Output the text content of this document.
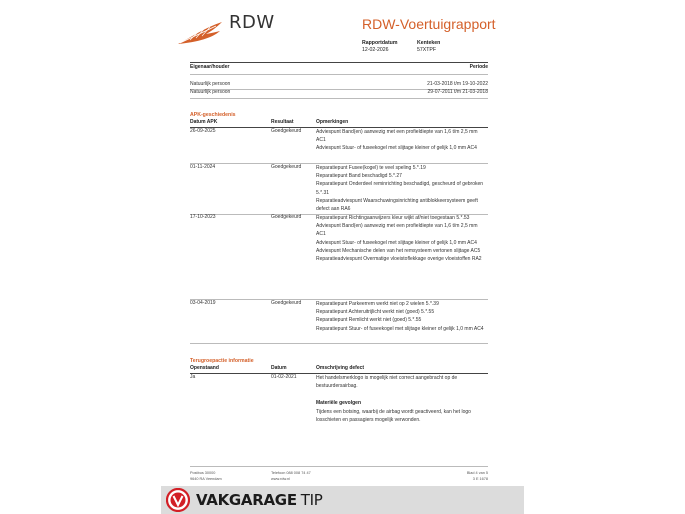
RDW	RDW-Voertuigrapport
Rapportdatum
12-02-2026
Kenteken
57XTPF
Eigenaar/houder	Periode
Natuurlijk persoon	21-03-2018 t/m 19-10-2022
Natuurlijk persoon	29-07-2011 t/m 21-03-2018
APK-geschiedenis
Datum APK	Resultaat	Opmerkingen
26-09-2025	Goedgekeurd	Adviespunt Band(en) aanwezig met een profieldiepte van 1,6 t/m 2,5 mm AC1
Adviespunt Stuur- of fuseekogel met slijtage kleiner of gelijk 1,0 mm AC4
01-11-2024	Goedgekeurd	Reparatiepunt Fusee(kogel) te veel speling 5.*.19
Reparatiepunt Band beschadigd 5.*.27
Reparatiepunt Onderdeel reminrichting beschadigd, gescheurd of gebroken 5.*.31
Reparatieadviespunt Waarschuwingsinrichting antiblokkeersysteem geeft defect aan RA6
17-10-2023	Goedgekeurd	Reparatiepunt Richtingaanwijzers kleur wijkt af/niet toegestaan 5.*.53
Adviespunt Band(en) aanwezig met een profieldiepte van 1,6 t/m 2,5 mm AC1
Adviespunt Stuur- of fuseekogel met slijtage kleiner of gelijk 1,0 mm AC4
Adviespunt Mechanische delen van het remsysteem vertonen slijtage AC5
Reparatieadviespunt Overmatige vloeistoflekkage overige vloeistoffen RA2
03-04-2019	Goedgekeurd	Reparatiepunt Parkeerrem werkt niet op 2 wielen 5.*.39
Reparatiepunt Achteruitrijlicht werkt niet (goed) 5.*.55
Reparatiepunt Remlicht werkt niet (goed) 5.*.55
Reparatiepunt Stuur- of fuseekogel met slijtage kleiner of gelijk 1,0 mm AC4
Terugroepactie informatie
Openstaand	Datum	Omschrijving defect
Ja	01-02-2021	Het handelsmerklogo is mogelijk niet correct aangebracht op de bestuurdersairbag.
Materiële gevolgen
Tijdens een botsing, waarbij de airbag wordt geactiveerd, kan het logo losschieten en passagiers mogelijk verwonden.
Postbus 30000
9640 RA Veendam
Telefoon 088 008 74 47
www.rdw.nl
Blad 4 van 5
3 E 1678
VAKGARAGE TIP
